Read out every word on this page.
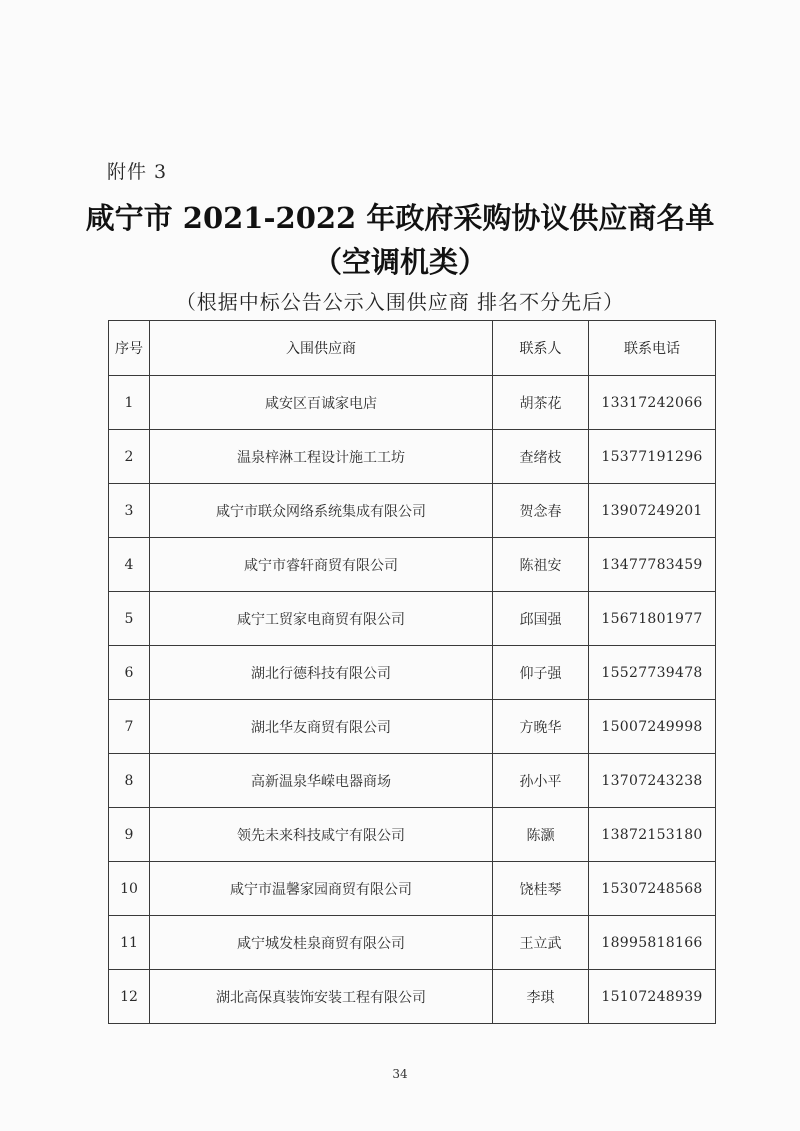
附件 3
咸宁市 2021-2022 年政府采购协议供应商名单
（空调机类）
（根据中标公告公示入围供应商 排名不分先后）
序号	入围供应商	联系人	联系电话
1	咸安区百诚家电店	胡茶花	13317242066
2	温泉梓淋工程设计施工工坊	查绪枝	15377191296
3	咸宁市联众网络系统集成有限公司	贺念春	13907249201
4	咸宁市睿轩商贸有限公司	陈祖安	13477783459
5	咸宁工贸家电商贸有限公司	邱国强	15671801977
6	湖北行德科技有限公司	仰子强	15527739478
7	湖北华友商贸有限公司	方晚华	15007249998
8	高新温泉华嵘电器商场	孙小平	13707243238
9	领先未来科技咸宁有限公司	陈灏	13872153180
10	咸宁市温馨家园商贸有限公司	饶桂琴	15307248568
11	咸宁城发桂泉商贸有限公司	王立武	18995818166
12	湖北高保真装饰安装工程有限公司	李琪	15107248939
34
